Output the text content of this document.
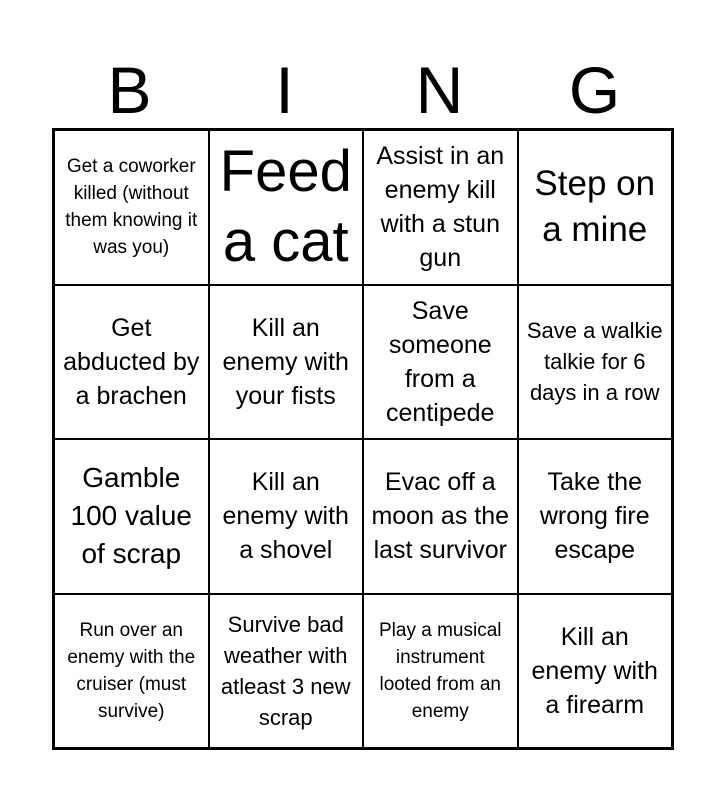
B	I	N	G
Get a coworker killed (without them knowing it was you)
Feed a cat
Assist in an enemy kill with a stun gun
Step on a mine
Get abducted by a brachen
Kill an enemy with your fists
Save someone from a centipede
Save a walkie talkie for 6 days in a row
Gamble 100 value of scrap
Kill an enemy with a shovel
Evac off a moon as the last survivor
Take the wrong fire escape
Run over an enemy with the cruiser (must survive)
Survive bad weather with atleast 3 new scrap
Play a musical instrument looted from an enemy
Kill an enemy with a firearm
